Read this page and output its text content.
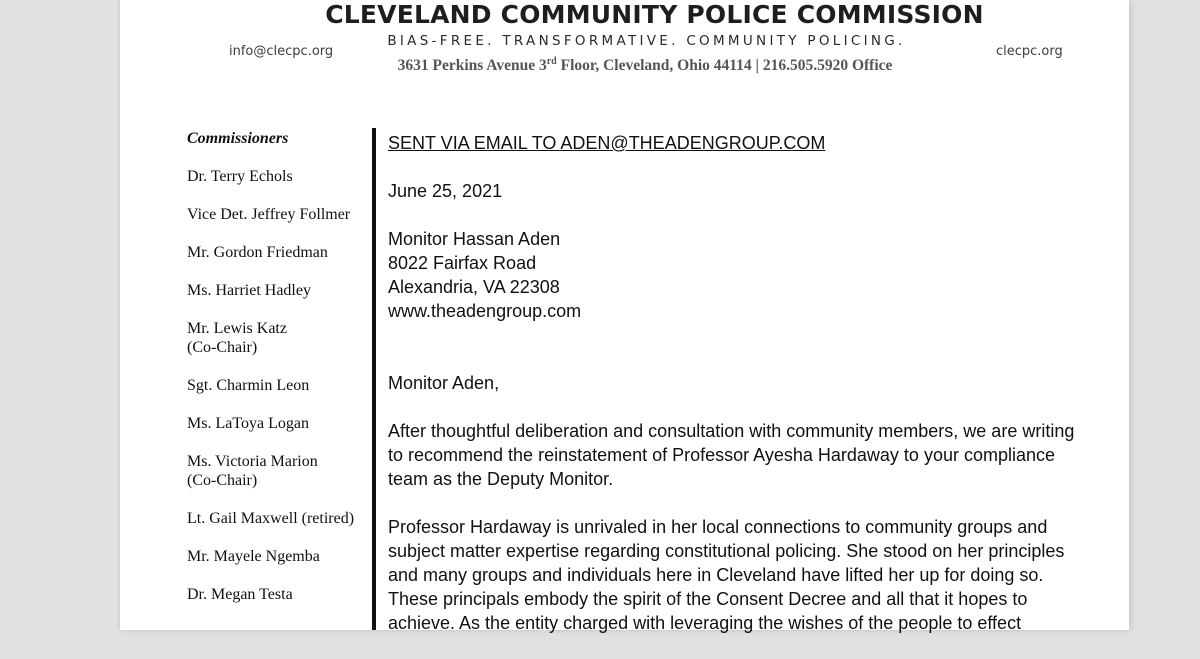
CLEVELAND COMMUNITY POLICE COMMISSION
BIAS-FREE. TRANSFORMATIVE. COMMUNITY POLICING.
3631 Perkins Avenue 3rd Floor, Cleveland, Ohio 44114 | 216.505.5920 Office
info@clecpc.org	clecpc.org
Commissioners
Dr. Terry Echols
Vice Det. Jeffrey Follmer
Mr. Gordon Friedman
Ms. Harriet Hadley
Mr. Lewis Katz
(Co-Chair)
Sgt. Charmin Leon
Ms. LaToya Logan
Ms. Victoria Marion
(Co-Chair)
Lt. Gail Maxwell (retired)
Mr. Mayele Ngemba
Dr. Megan Testa

SENT VIA EMAIL TO ADEN@THEADENGROUP.COM

June 25, 2021

Monitor Hassan Aden

8022 Fairfax Road

Alexandria, VA 22308

www.theadengroup.com

Monitor Aden,

After thoughtful deliberation and consultation with community members, we are writing to recommend the reinstatement of Professor Ayesha Hardaway to your compliance team as the Deputy Monitor.

Professor Hardaway is unrivaled in her local connections to community groups and subject matter expertise regarding constitutional policing. She stood on her principles and many groups and individuals here in Cleveland have lifted her up for doing so. These principals embody the spirit of the Consent Decree and all that it hopes to achieve. As the entity charged with leveraging the wishes of the people to effect
